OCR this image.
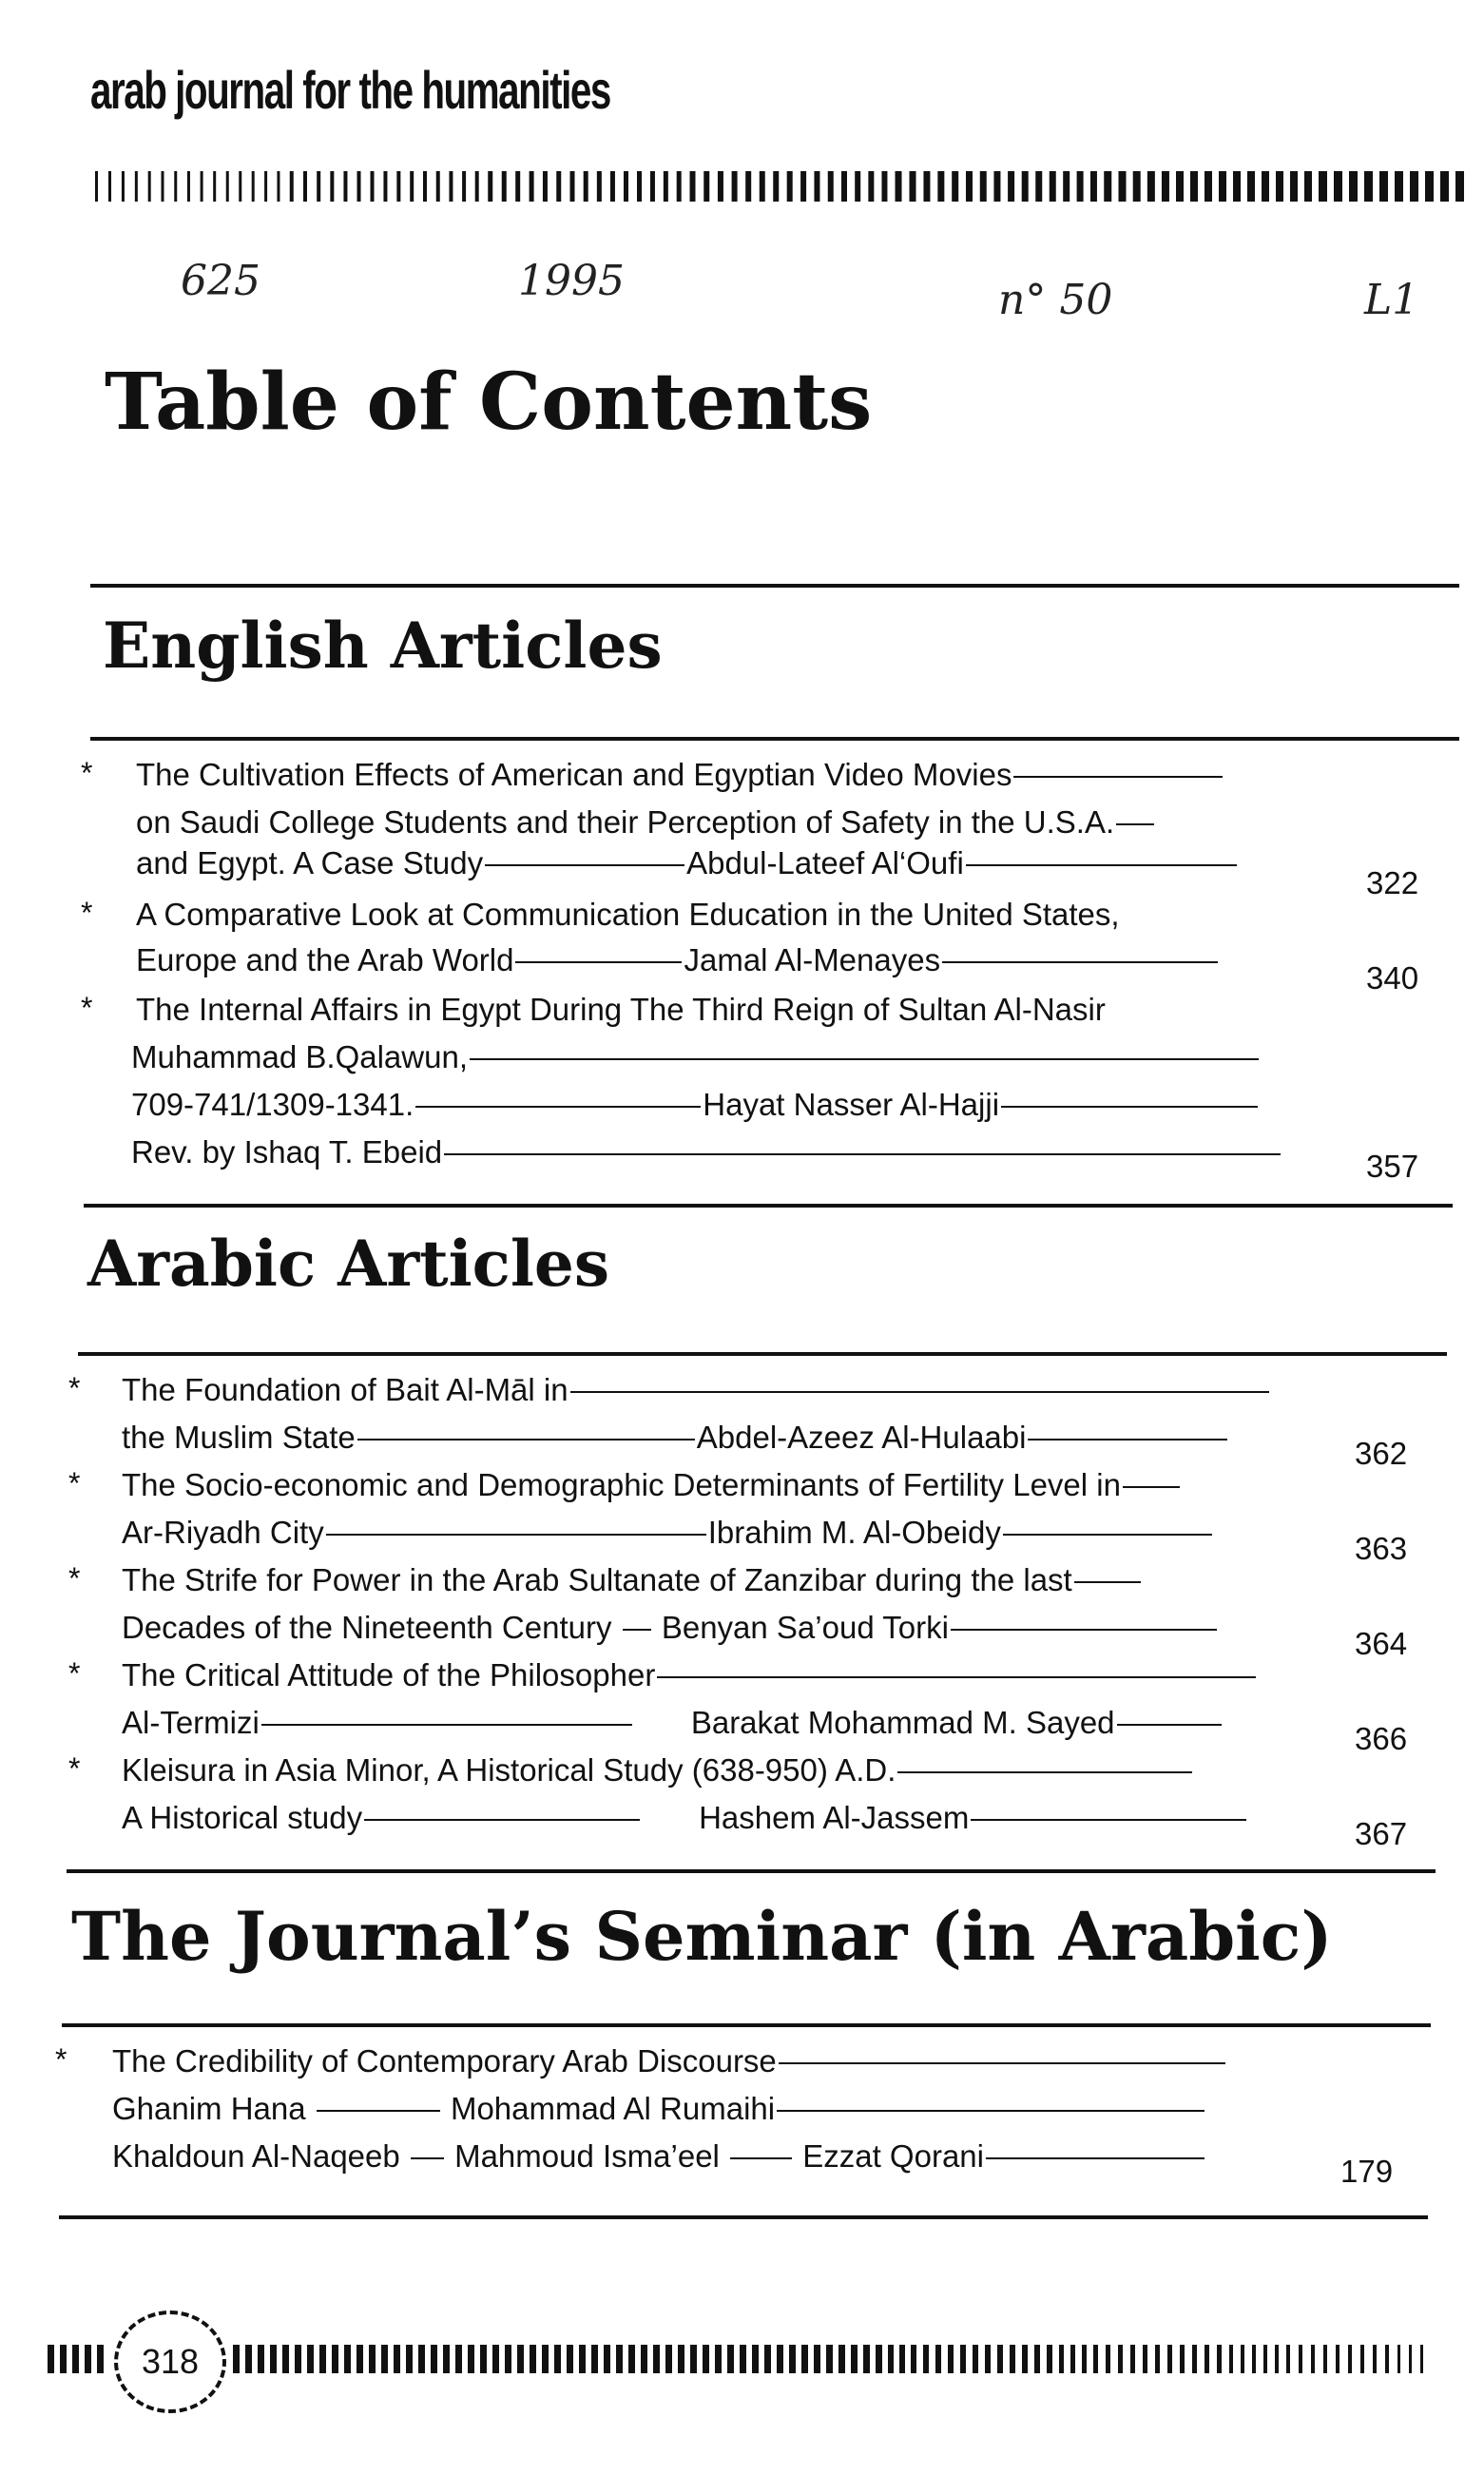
arab journal for the humanities
625	1995	n° 50	L1
Table of Contents
English Articles
* The Cultivation Effects of American and Egyptian Video Movies
on Saudi College Students and their Perception of Safety in the U.S.A.
and Egypt. A Case Study	Abdul-Lateef Al‘Oufi
322
* A Comparative Look at Communication Education in the United States,
Europe and the Arab World	Jamal Al-Menayes
340
* The Internal Affairs in Egypt During The Third Reign of Sultan Al-Nasir
Muhammad B.Qalawun,
709-741/1309-1341.	Hayat Nasser Al-Hajji
Rev. by Ishaq T. Ebeid	357
Arabic Articles
* The Foundation of Bait Al-Māl in
the Muslim State	Abdel-Azeez Al-Hulaabi	362
* The Socio-economic and Demographic Determinants of Fertility Level in
Ar-Riyadh City	Ibrahim M. Al-Obeidy	363
* The Strife for Power in the Arab Sultanate of Zanzibar during the last
Decades of the Nineteenth Century Benyan Sa’oud Torki	364
* The Critical Attitude of the Philosopher
Al-Termizi	Barakat Mohammad M. Sayed	366
* Kleisura in Asia Minor, A Historical Study (638-950) A.D.
A Historical study	Hashem Al-Jassem	367
The Journal’s Seminar (in Arabic)
* The Credibility of Contemporary Arab Discourse
Ghanim Hana	Mohammad Al Rumaihi
Khaldoun Al-Naqeeb Mahmoud Isma’eel	Ezzat Qorani	179
318
